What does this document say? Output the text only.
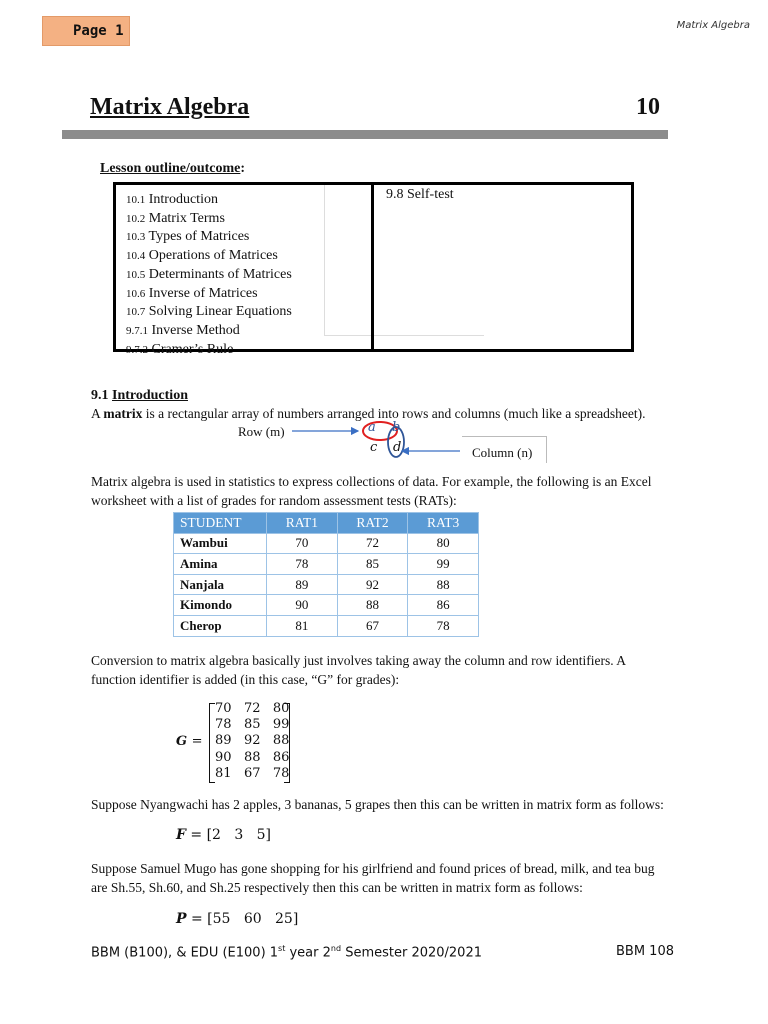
Page 1	Matrix Algebra
Matrix Algebra	10
Lesson outline/outcome:
10.1 Introduction
10.2 Matrix Terms
10.3 Types of Matrices
10.4 Operations of Matrices
10.5 Determinants of Matrices
10.6 Inverse of Matrices
10.7 Solving Linear Equations
9.7.1 Inverse Method
9.7.2 Cramer’s Rule
9.8 Self-test
9.1 Introduction
A matrix is a rectangular array of numbers arranged into rows and columns (much like a spreadsheet).
Row (m)	a b
c d	Column (n)
Matrix algebra is used in statistics to express collections of data. For example, the following is an Excel
worksheet with a list of grades for random assessment tests (RATs):
STUDENT	RAT1	RAT2	RAT3
Wambui	70	72	80
Amina	78	85	99
Nanjala	89	92	88
Kimondo	90	88	86
Cherop	81	67	78
Conversion to matrix algebra basically just involves taking away the column and row identifiers. A
function identifier is added (in this case, “G” for grades):
G =
70 72 80
78 85 99
89 92 88
90 88 86
81 67 78
Suppose Nyangwachi has 2 apples, 3 bananas, 5 grapes then this can be written in matrix form as follows:
F = [2 3 5]
Suppose Samuel Mugo has gone shopping for his girlfriend and found prices of bread, milk, and tea bug
are Sh.55, Sh.60, and Sh.25 respectively then this can be written in matrix form as follows:
P = [55 60 25]
BBM (B100), & EDU (E100) 1st year 2nd Semester 2020/2021	BBM 108
